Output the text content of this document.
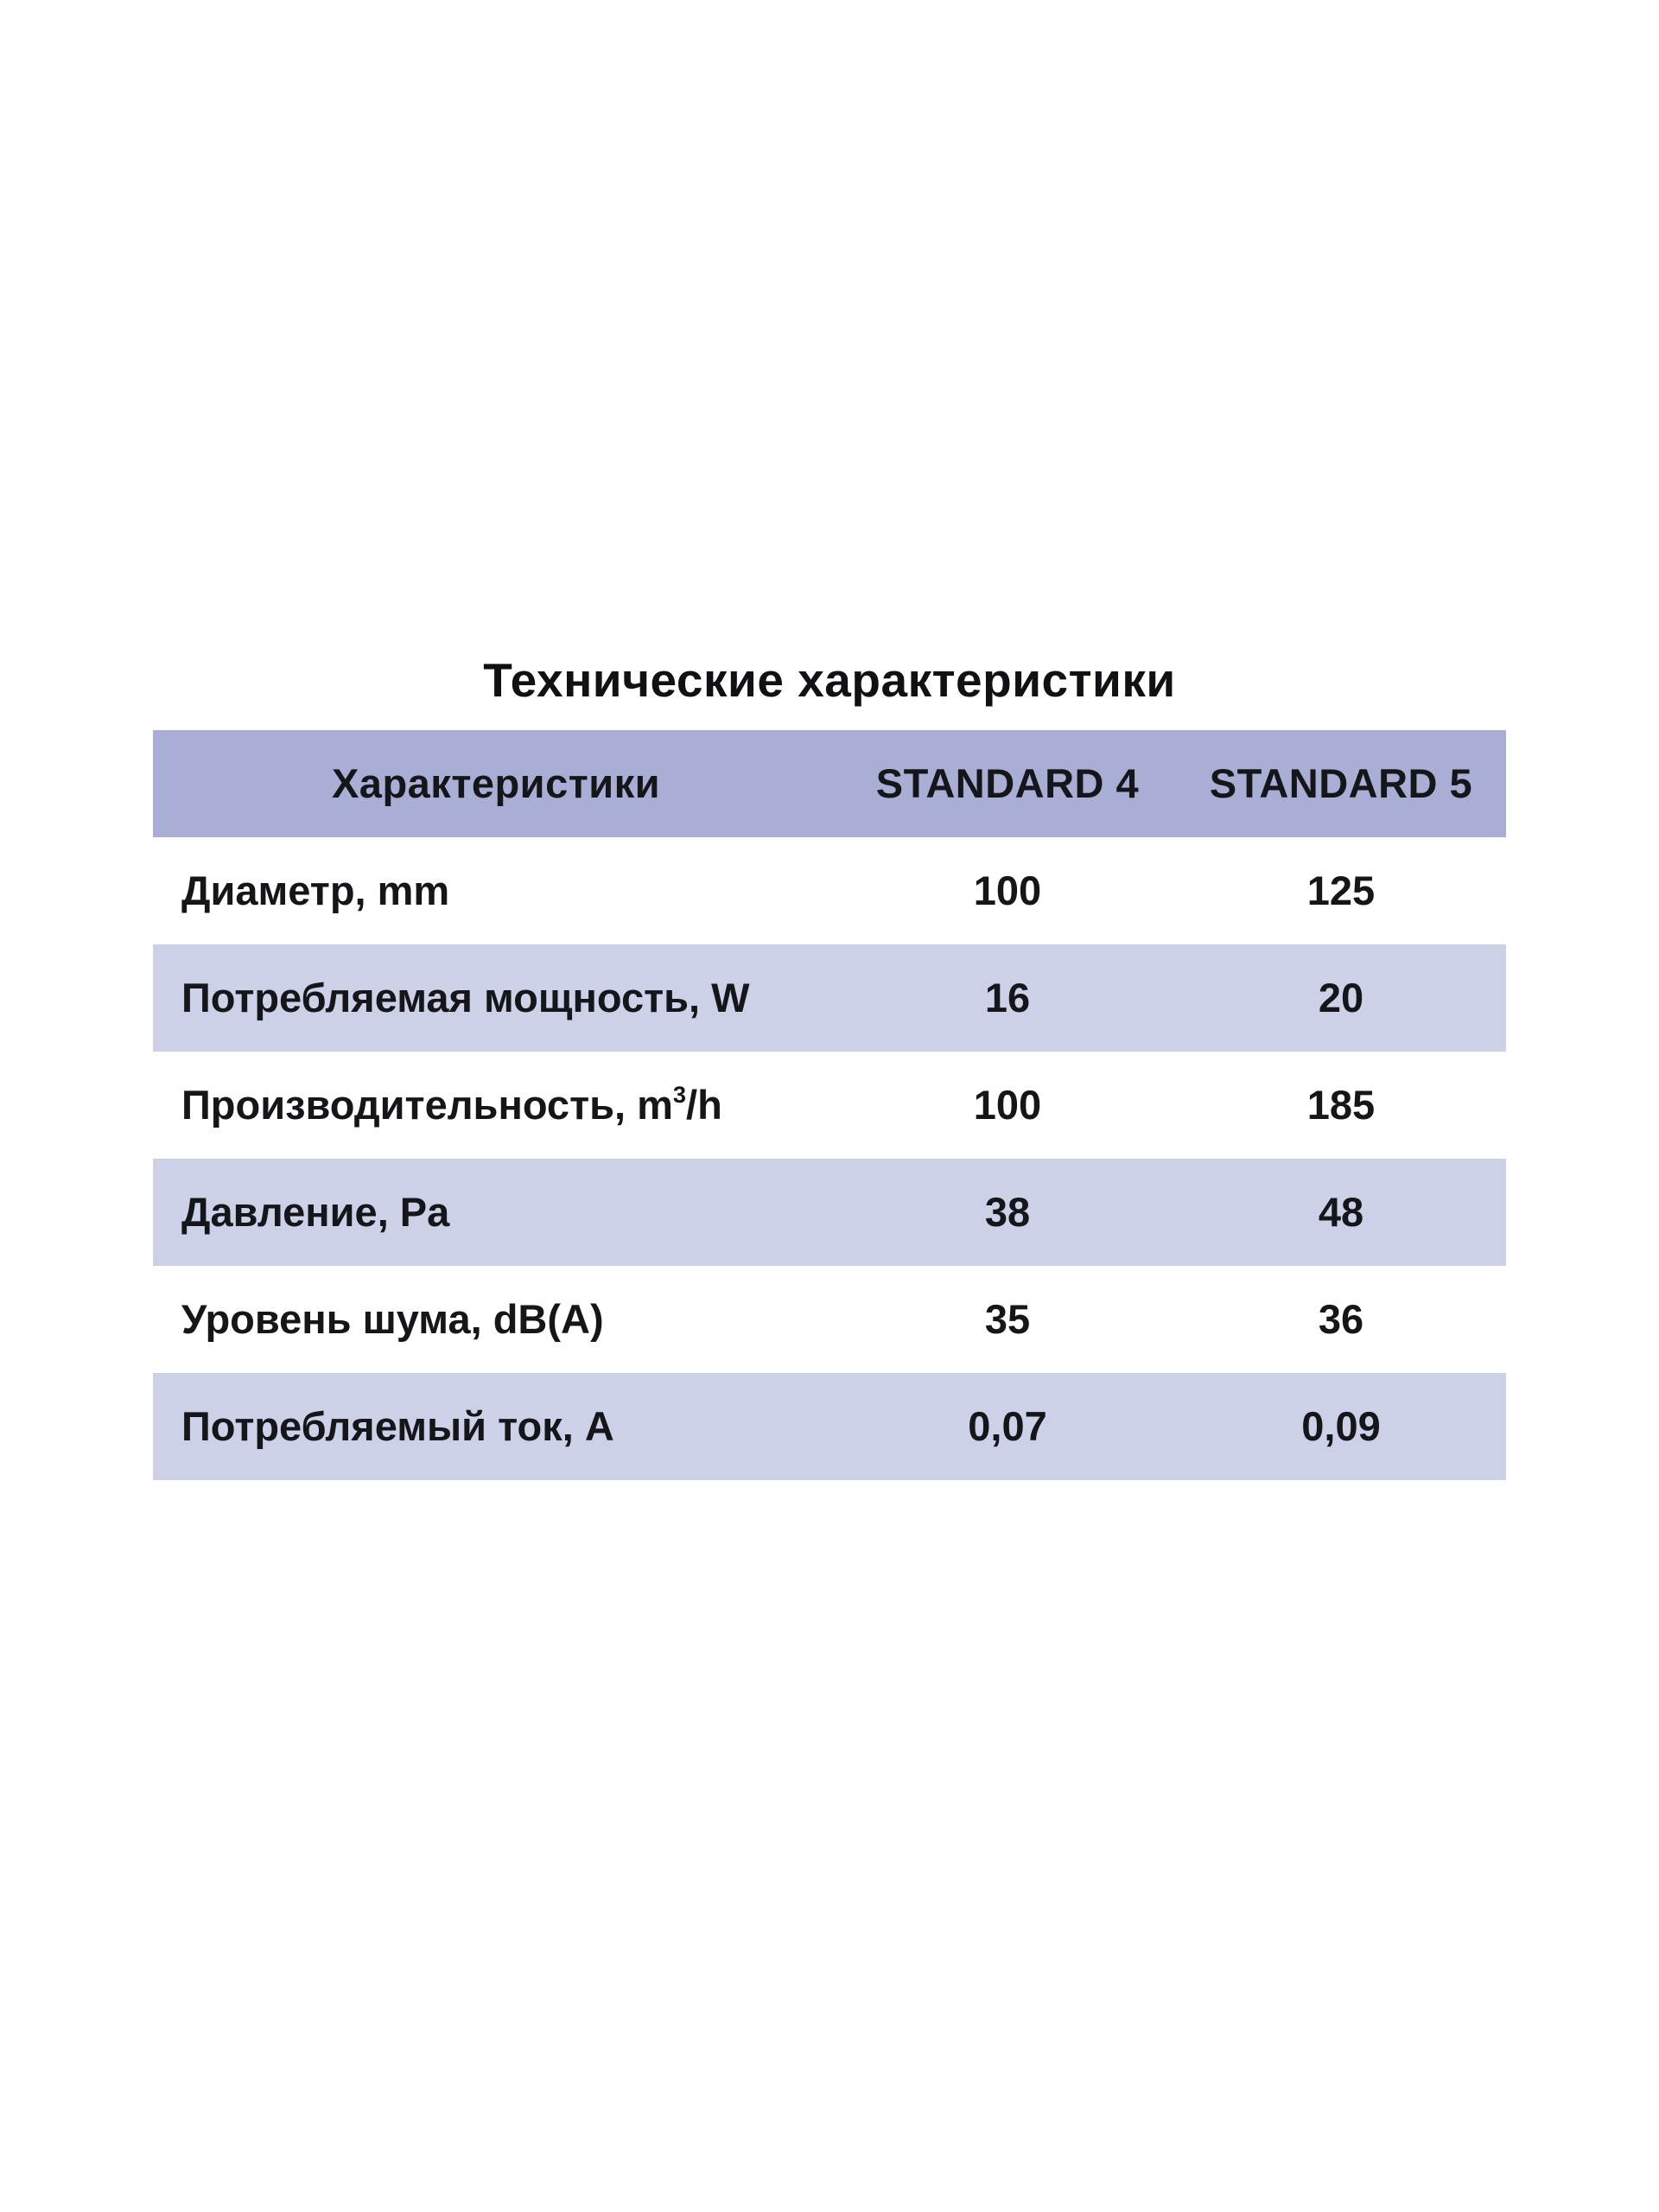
Технические характеристики
Характеристики	STANDARD 4	STANDARD 5
Диаметр, mm	100	125
Потребляемая мощность, W	16	20
Производительность, $m^3/h$	100	185
Давление, Pa	38	48
Уровень шума, dB(A)	35	36
Потребляемый ток, A	0,07	0,09
